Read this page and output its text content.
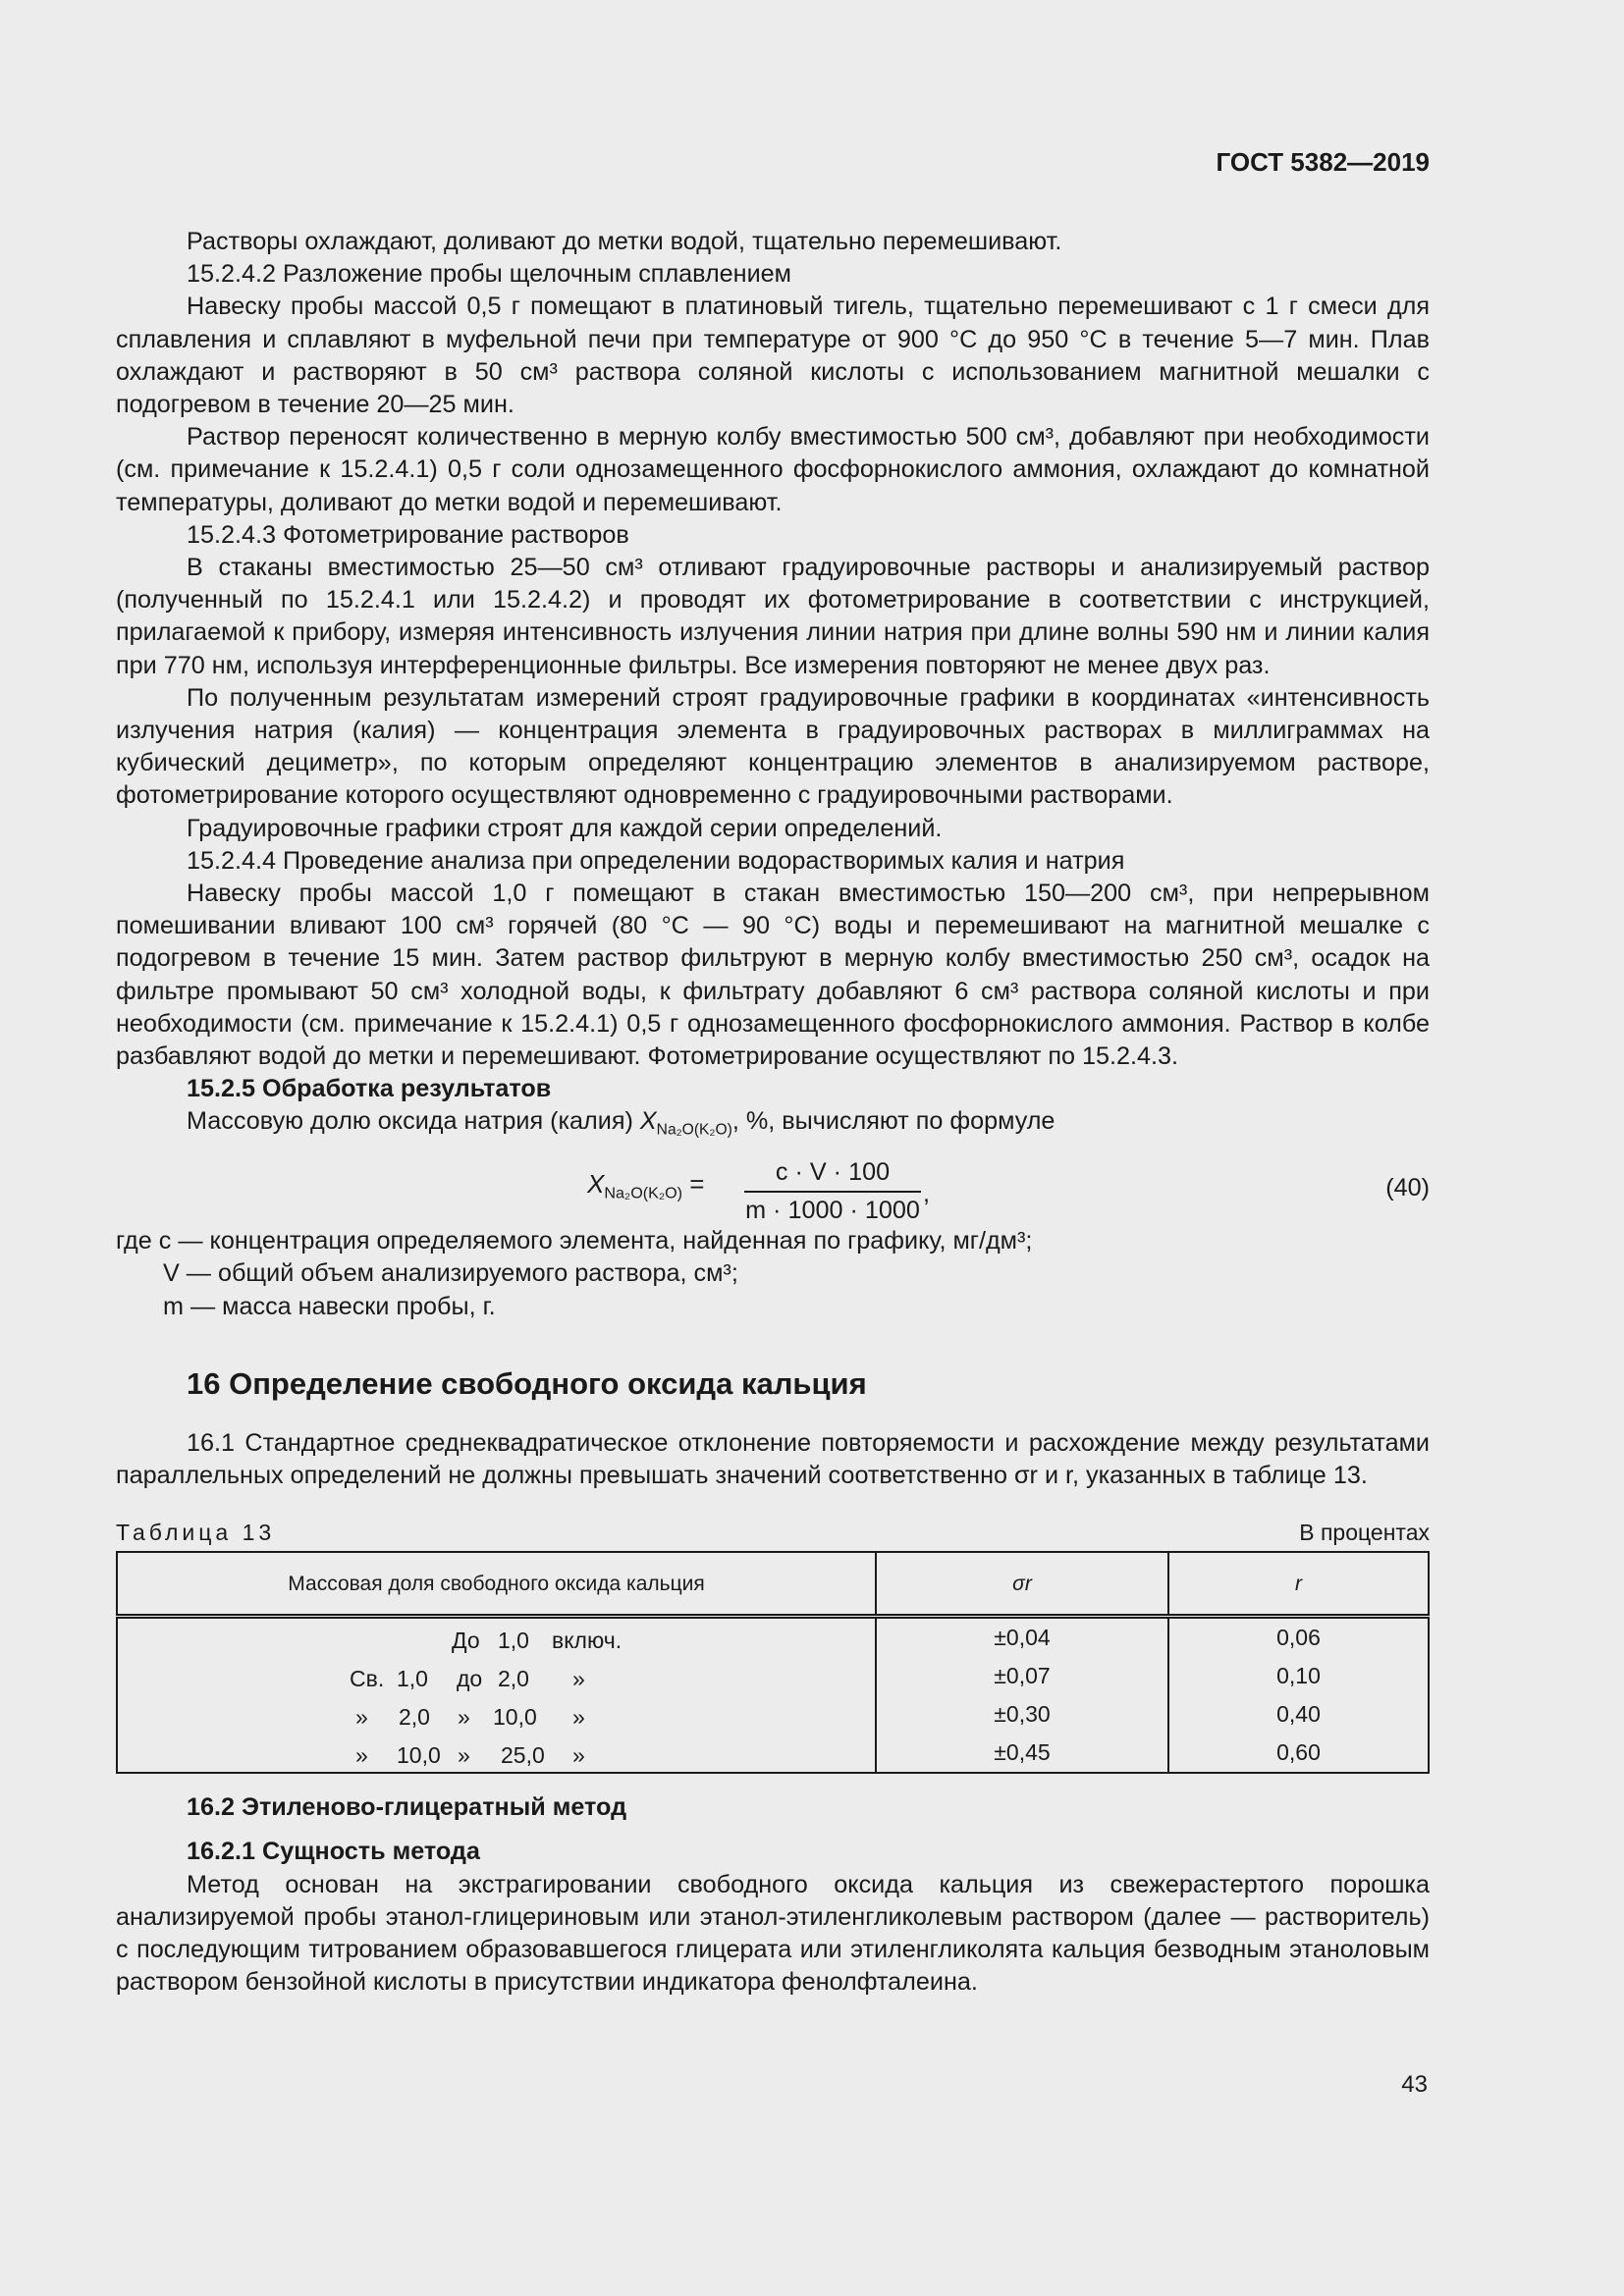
ГОСТ 5382—2019

Растворы охлаждают, доливают до метки водой, тщательно перемешивают.

15.2.4.2 Разложение пробы щелочным сплавлением

Навеску пробы массой 0,5 г помещают в платиновый тигель, тщательно перемешивают с 1 г смеси для сплавления и сплавляют в муфельной печи при температуре от 900 °С до 950 °С в течение 5—7 мин. Плав охлаждают и растворяют в 50 см³ раствора соляной кислоты с использованием магнитной мешалки с подогревом в течение 20—25 мин.

Раствор переносят количественно в мерную колбу вместимостью 500 см³, добавляют при необходимости (см. примечание к 15.2.4.1) 0,5 г соли однозамещенного фосфорнокислого аммония, охлаждают до комнатной температуры, доливают до метки водой и перемешивают.

15.2.4.3 Фотометрирование растворов

В стаканы вместимостью 25—50 см³ отливают градуировочные растворы и анализируемый раствор (полученный по 15.2.4.1 или 15.2.4.2) и проводят их фотометрирование в соответствии с инструкцией, прилагаемой к прибору, измеряя интенсивность излучения линии натрия при длине волны 590 нм и линии калия при 770 нм, используя интерференционные фильтры. Все измерения повторяют не менее двух раз.

По полученным результатам измерений строят градуировочные графики в координатах «интенсивность излучения натрия (калия) — концентрация элемента в градуировочных растворах в миллиграммах на кубический дециметр», по которым определяют концентрацию элементов в анализируемом растворе, фотометрирование которого осуществляют одновременно с градуировочными растворами.

Градуировочные графики строят для каждой серии определений.

15.2.4.4 Проведение анализа при определении водорастворимых калия и натрия

Навеску пробы массой 1,0 г помещают в стакан вместимостью 150—200 см³, при непрерывном помешивании вливают 100 см³ горячей (80 °С — 90 °С) воды и перемешивают на магнитной мешалке с подогревом в течение 15 мин. Затем раствор фильтруют в мерную колбу вместимостью 250 см³, осадок на фильтре промывают 50 см³ холодной воды, к фильтрату добавляют 6 см³ раствора соляной кислоты и при необходимости (см. примечание к 15.2.4.1) 0,5 г однозамещенного фосфорнокислого аммония. Раствор в колбе разбавляют водой до метки и перемешивают. Фотометрирование осуществляют по 15.2.4.3.

15.2.5 Обработка результатов

Массовую долю оксида натрия (калия) $X_{Na_2O(K_2O)}$, %, вычисляют по формуле

$X_{Na_2O(K_2O)} = \frac{c \cdot V \cdot 100}{m \cdot 1000 \cdot 1000}$ ,	(40)

где c — концентрация определяемого элемента, найденная по графику, мг/дм³;

V — общий объем анализируемого раствора, см³;

m — масса навески пробы, г.

16 Определение свободного оксида кальция

16.1 Стандартное среднеквадратическое отклонение повторяемости и расхождение между результатами параллельных определений не должны превышать значений соответственно σr и r, указанных в таблице 13.

Таблица 13	В процентах
Массовая доля свободного оксида кальция	σr	r

До 1,0 включ.	±0,04	0,06

Св. 1,0 до 2,0 »	±0,07	0,10

» 2,0 » 10,0 »	±0,30	0,40

» 10,0 » 25,0 »	±0,45	0,60

16.2 Этиленово-глицератный метод

16.2.1 Сущность метода

Метод основан на экстрагировании свободного оксида кальция из свежерастертого порошка анализируемой пробы этанол-глицериновым или этанол-этиленгликолевым раствором (далее — растворитель) с последующим титрованием образовавшегося глицерата или этиленгликолята кальция безводным этаноловым раствором бензойной кислоты в присутствии индикатора фенолфталеина.

43
